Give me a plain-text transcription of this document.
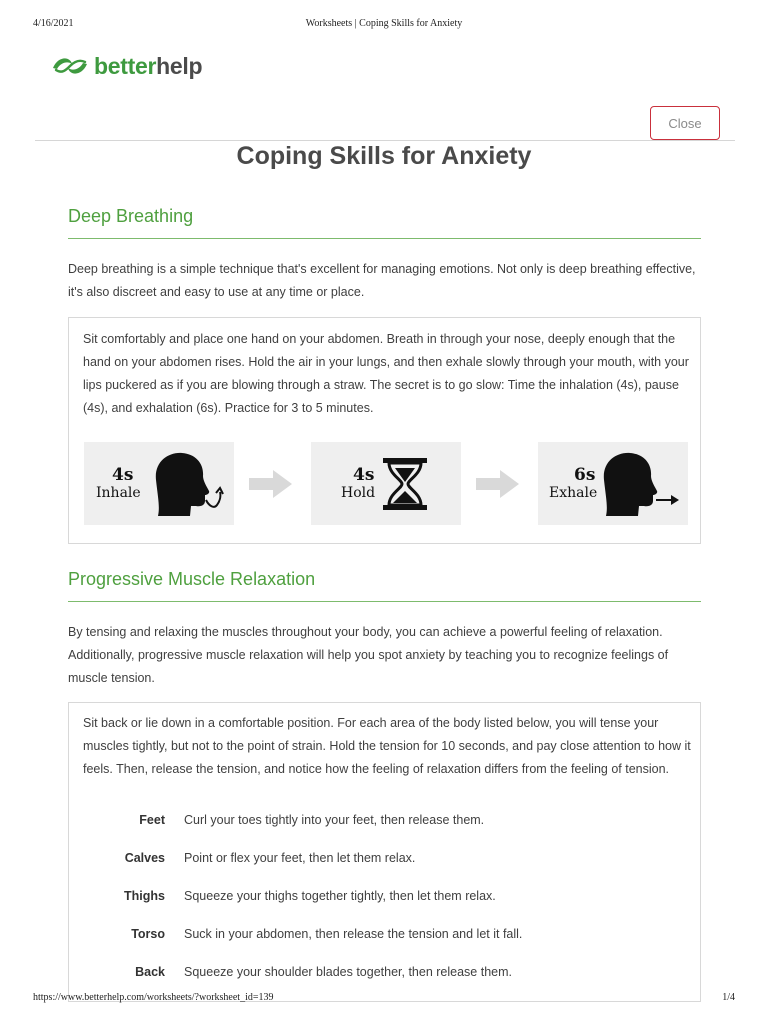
4/16/2021	Worksheets | Coping Skills for Anxiety
betterhelp
Close
Coping Skills for Anxiety
Deep Breathing

Deep breathing is a simple technique that's excellent for managing emotions. Not only is deep breathing effective, it's also discreet and easy to use at any time or place.

Sit comfortably and place one hand on your abdomen. Breath in through your nose, deeply enough that the hand on your abdomen rises. Hold the air in your lungs, and then exhale slowly through your mouth, with your lips puckered as if you are blowing through a straw. The secret is to go slow: Time the inhalation (4s), pause (4s), and exhalation (6s). Practice for 3 to 5 minutes.

4s
Inhale
4s
Hold
6s
Exhale
Progressive Muscle Relaxation

By tensing and relaxing the muscles throughout your body, you can achieve a powerful feeling of relaxation. Additionally, progressive muscle relaxation will help you spot anxiety by teaching you to recognize feelings of muscle tension.

Sit back or lie down in a comfortable position. For each area of the body listed below, you will tense your muscles tightly, but not to the point of strain. Hold the tension for 10 seconds, and pay close attention to how it feels. Then, release the tension, and notice how the feeling of relaxation differs from the feeling of tension.

Feet Curl your toes tightly into your feet, then release them.
Calves Point or flex your feet, then let them relax.
Thighs Squeeze your thighs together tightly, then let them relax.
Torso Suck in your abdomen, then release the tension and let it fall.
Back Squeeze your shoulder blades together, then release them.
https://www.betterhelp.com/worksheets/?worksheet_id=139	1/4
